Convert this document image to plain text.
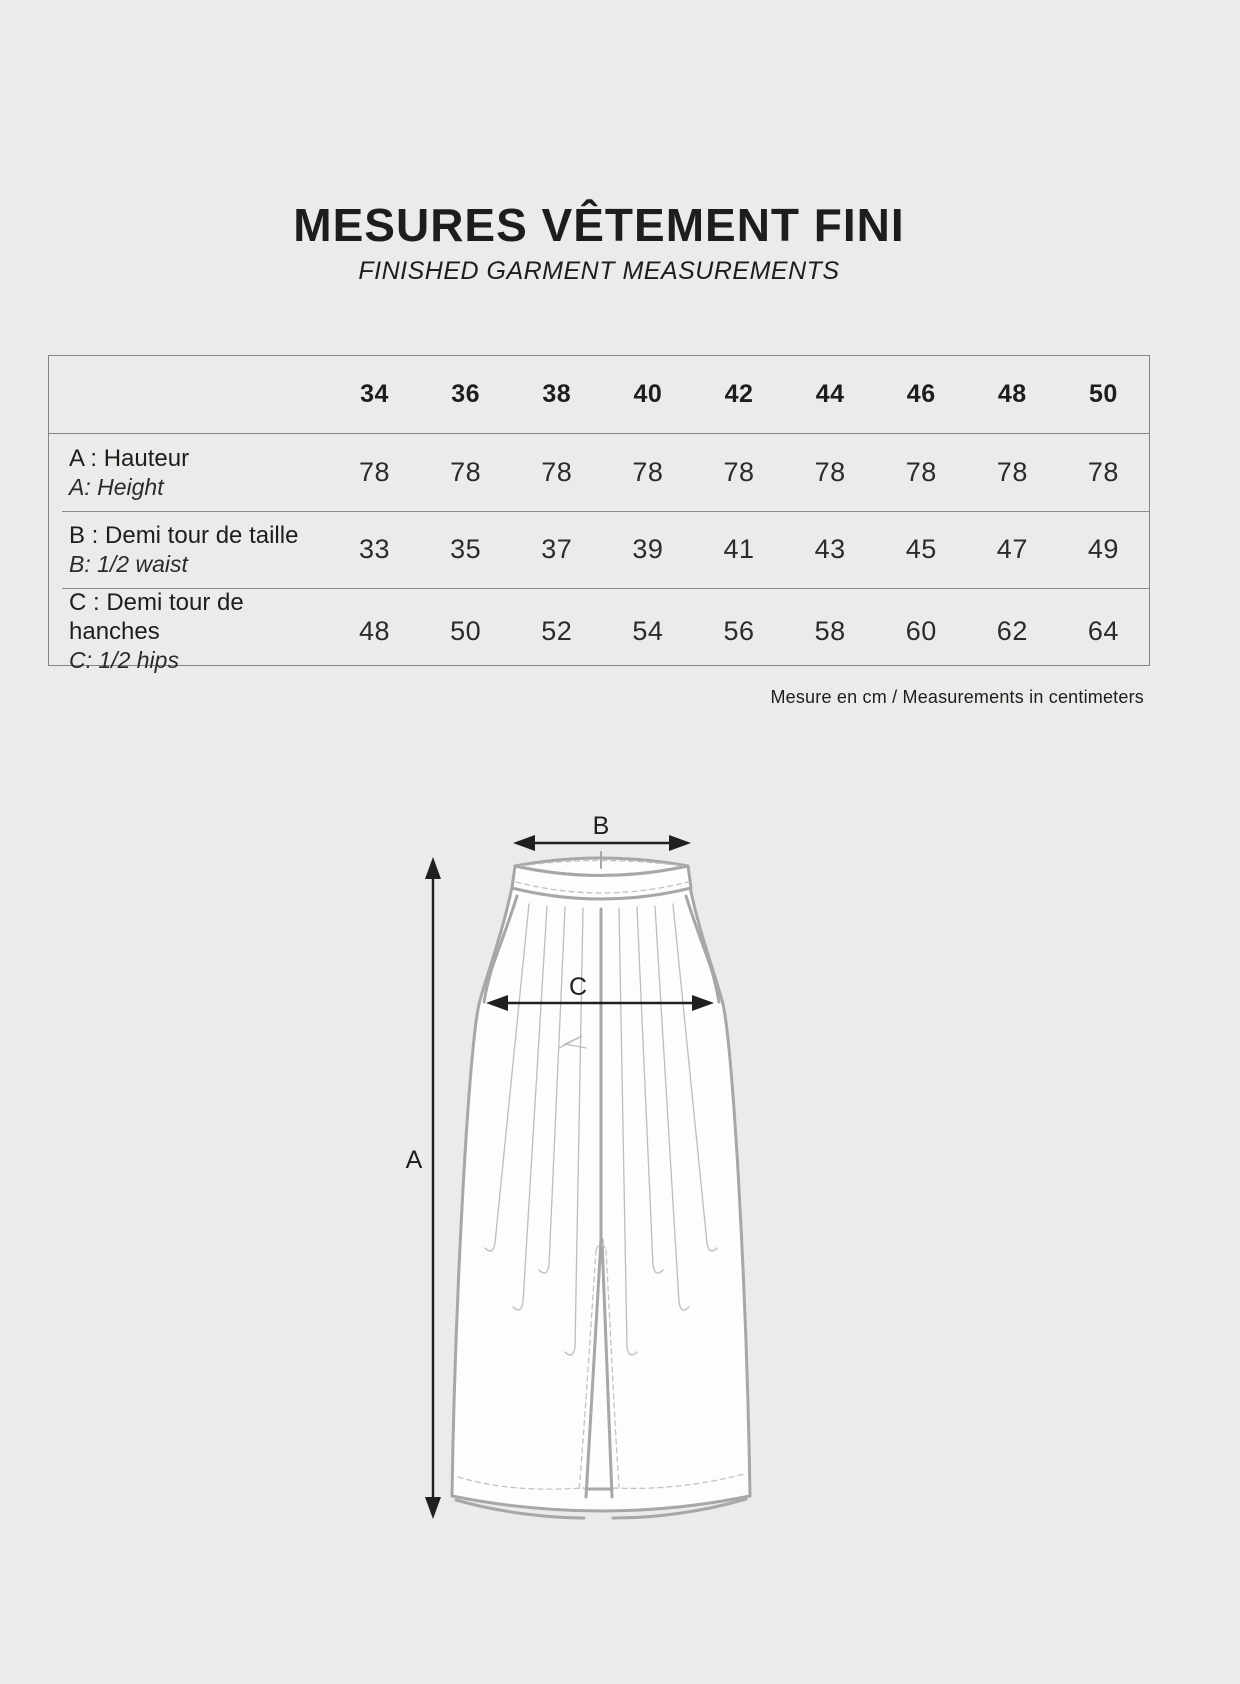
MESURES VÊTEMENT FINI
FINISHED GARMENT MEASUREMENTS
34	36	38	40	42	44	46	48	50
A : Hauteur
A: Height	78	78	78	78	78	78	78	78	78
B : Demi tour de taille
B: 1/2 waist	33	35	37	39	41	43	45	47	49
C : Demi tour de hanches
C: 1/2 hips
48	50	52	54	56	58	60	62	64
Mesure en cm / Measurements in centimeters
A
B
C
